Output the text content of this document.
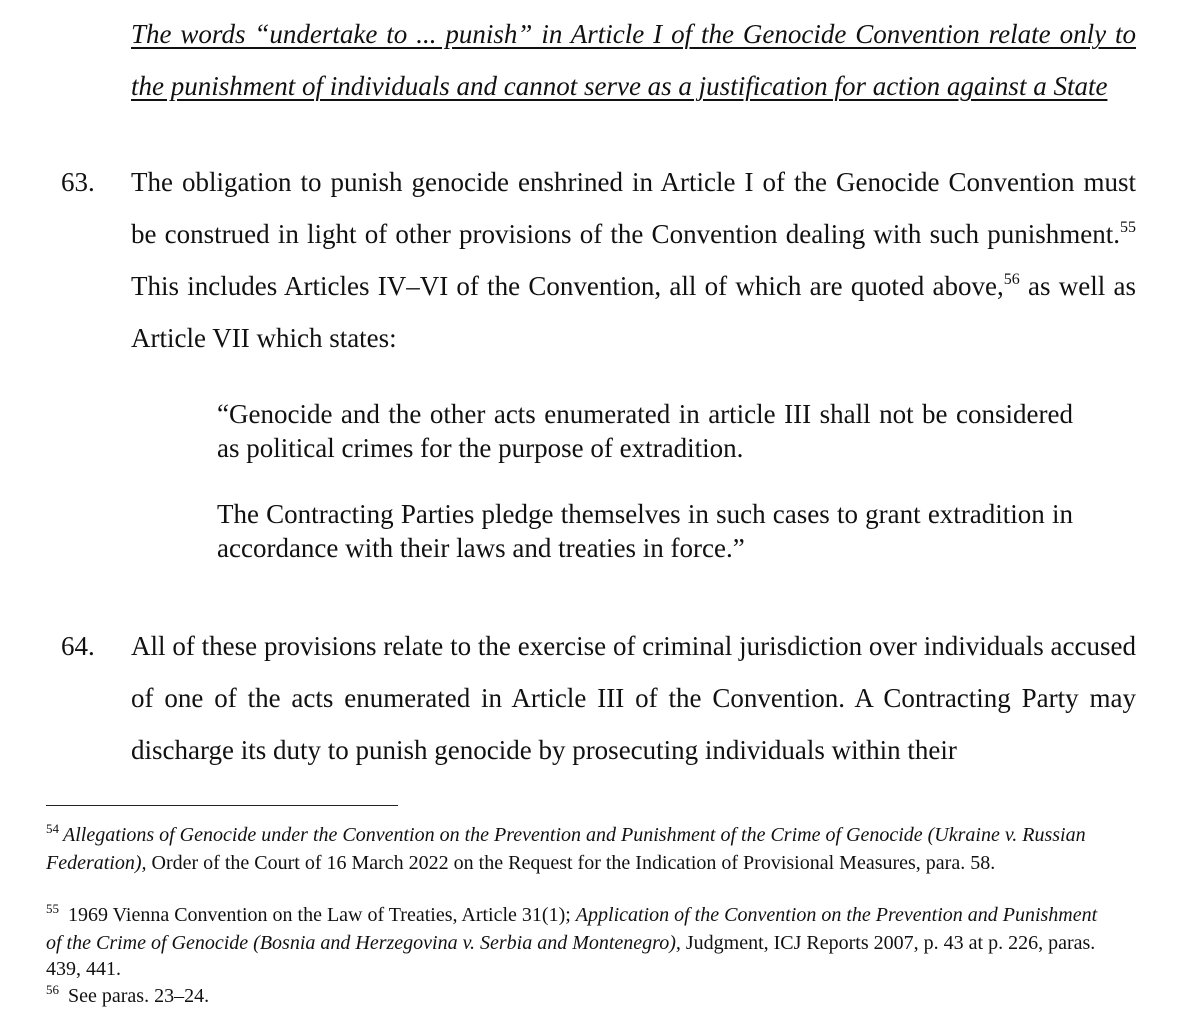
The words “undertake to ... punish” in Article I of the Genocide Convention relate only to the punishment of individuals and cannot serve as a justification for action against a State
63. The obligation to punish genocide enshrined in Article I of the Genocide Convention must be construed in light of other provisions of the Convention dealing with such punishment.$^{55}$ This includes Articles IV–VI of the Convention, all of which are quoted above,$^{56}$ as well as Article VII which states:
“Genocide and the other acts enumerated in article III shall not be considered as political crimes for the purpose of extradition.
The Contracting Parties pledge themselves in such cases to grant extradition in accordance with their laws and treaties in force.”
64. All of these provisions relate to the exercise of criminal jurisdiction over individuals accused of one of the acts enumerated in Article III of the Convention. A Contracting Party may discharge its duty to punish genocide by prosecuting individuals within their
$^{54}$ Allegations of Genocide under the Convention on the Prevention and Punishment of the Crime of Genocide (Ukraine v. Russian Federation), Order of the Court of 16 March 2022 on the Request for the Indication of Provisional Measures, para. 58.
$^{55}$ 1969 Vienna Convention on the Law of Treaties, Article 31(1); Application of the Convention on the Prevention and Punishment of the Crime of Genocide (Bosnia and Herzegovina v. Serbia and Montenegro), Judgment, ICJ Reports 2007, p. 43 at p. 226, paras. 439, 441.
$^{56}$ See paras. 23–24.
